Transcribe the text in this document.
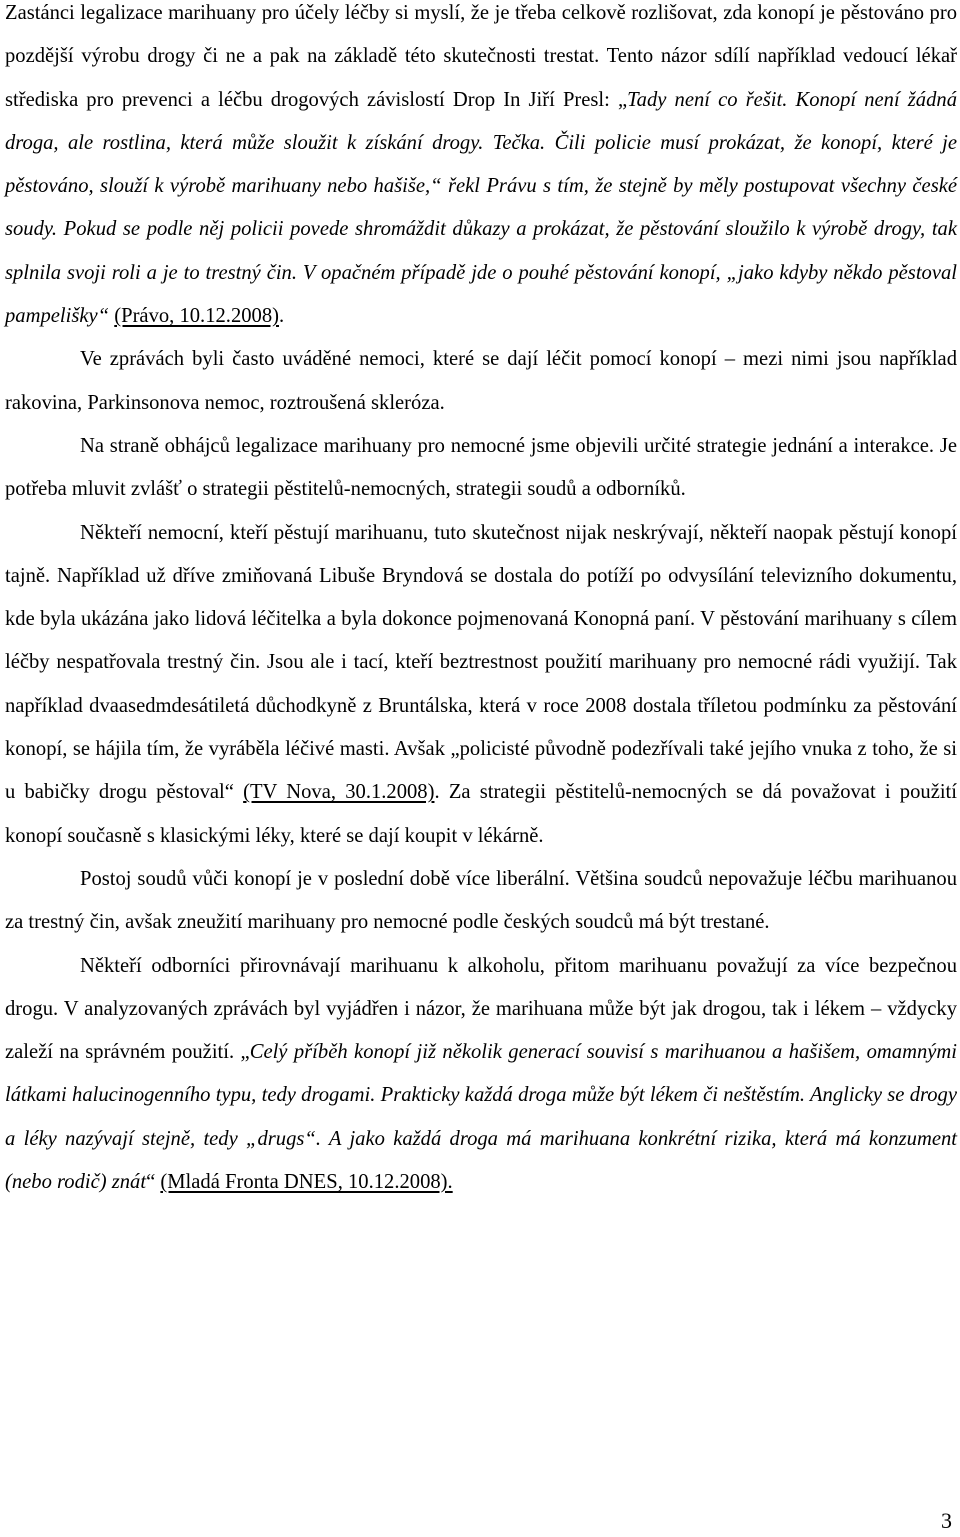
Zastánci legalizace marihuany pro účely léčby si myslí, že je třeba celkově rozlišovat, zda konopí je pěstováno pro pozdější výrobu drogy či ne a pak na základě této skutečnosti trestat. Tento názor sdílí například vedoucí lékař střediska pro prevenci a léčbu drogových závislostí Drop In Jiří Presl: „Tady není co řešit. Konopí není žádná droga, ale rostlina, která může sloužit k získání drogy. Tečka. Čili policie musí prokázat, že konopí, které je pěstováno, slouží k výrobě marihuany nebo hašiše,“ řekl Právu s tím, že stejně by měly postupovat všechny české soudy. Pokud se podle něj policii povede shromáždit důkazy a prokázat, že pěstování sloužilo k výrobě drogy, tak splnila svoji roli a je to trestný čin. V opačném případě jde o pouhé pěstování konopí, „jako kdyby někdo pěstoval pampelišky“ (Právo, 10.12.2008).

Ve zprávách byli často uváděné nemoci, které se dají léčit pomocí konopí – mezi nimi jsou například rakovina, Parkinsonova nemoc, roztroušená skleróza.

Na straně obhájců legalizace marihuany pro nemocné jsme objevili určité strategie jednání a interakce. Je potřeba mluvit zvlášť o strategii pěstitelů-nemocných, strategii soudů a odborníků.

Někteří nemocní, kteří pěstují marihuanu, tuto skutečnost nijak neskrývají, někteří naopak pěstují konopí tajně. Například už dříve zmiňovaná Libuše Bryndová se dostala do potíží po odvysílání televizního dokumentu, kde byla ukázána jako lidová léčitelka a byla dokonce pojmenovaná Konopná paní. V pěstování marihuany s cílem léčby nespatřovala trestný čin. Jsou ale i tací, kteří beztrestnost použití marihuany pro nemocné rádi využijí. Tak například dvaasedmdesátiletá důchodkyně z Bruntálska, která v roce 2008 dostala tříletou podmínku za pěstování konopí, se hájila tím, že vyráběla léčivé masti. Avšak „policisté původně podezřívali také jejího vnuka z toho, že si u babičky drogu pěstoval“ (TV Nova, 30.1.2008). Za strategii pěstitelů-nemocných se dá považovat i použití konopí současně s klasickými léky, které se dají koupit v lékárně.

Postoj soudů vůči konopí je v poslední době více liberální. Většina soudců nepovažuje léčbu marihuanou za trestný čin, avšak zneužití marihuany pro nemocné podle českých soudců má být trestané.

Někteří odborníci přirovnávají marihuanu k alkoholu, přitom marihuanu považují za více bezpečnou drogu. V analyzovaných zprávách byl vyjádřen i názor, že marihuana může být jak drogou, tak i lékem – vždycky zaleží na správném použití. „Celý příběh konopí již několik generací souvisí s marihuanou a hašišem, omamnými látkami halucinogenního typu, tedy drogami. Prakticky každá droga může být lékem či neštěstím. Anglicky se drogy a léky nazývají stejně, tedy „drugs“. A jako každá droga má marihuana konkrétní rizika, která má konzument (nebo rodič) znát“ (Mladá Fronta DNES, 10.12.2008).

3
